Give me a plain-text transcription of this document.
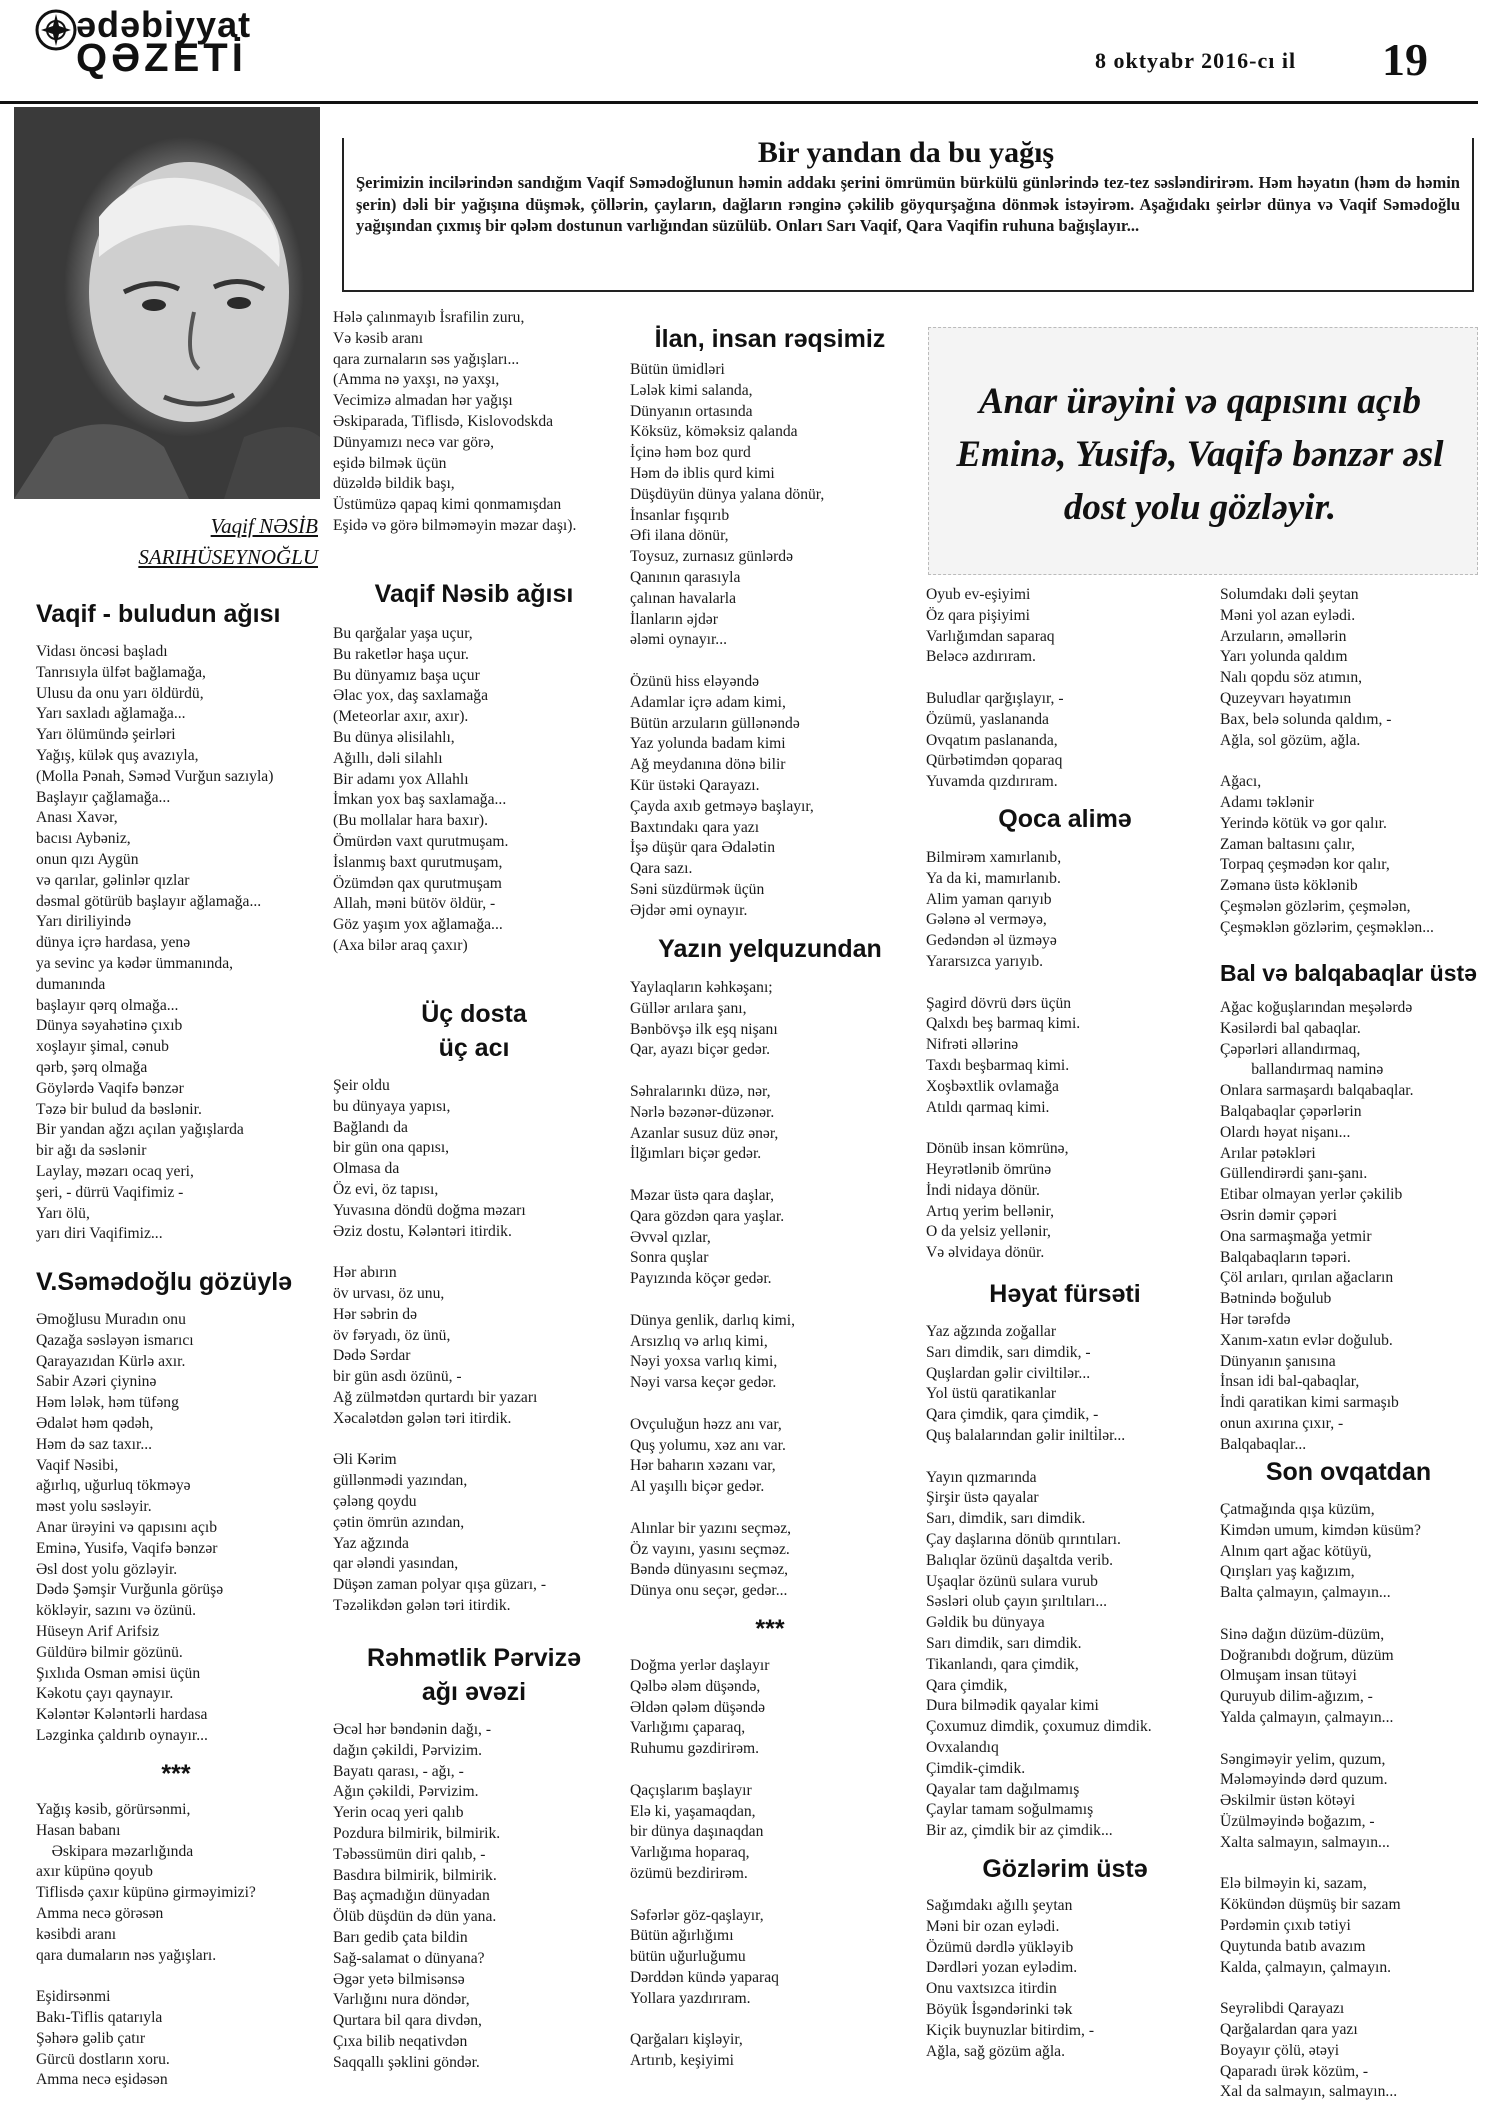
ədəbiyyat
QƏZETİ	8 oktyabr 2016-cı il 19
Vaqif NƏSİB
SARIHÜSEYNOĞLU
Bir yandan da bu yağış
Şerimizin incilərindən sandığım Vaqif Səmədoğlunun həmin addakı şerini ömrümün bürkülü günlərində tez-tez səsləndirirəm. Həm həyatın (həm də həmin şerin) dəli bir yağışına düşmək, çöllərin, çayların, dağların rənginə çəkilib göyqurşağına dönmək istəyirəm. Aşağıdakı şeirlər dünya və Vaqif Səmədoğlu yağışından çıxmış bir qələm dostunun varlığından süzülüb. Onları Sarı Vaqif, Qara Vaqifin ruhuna bağışlayır...
Anar ürəyini və qapısını açıb Eminə, Yusifə, Vaqifə bənzər əsl dost yolu gözləyir.
Vaqif - buludun ağısı
Vidası öncəsi başladı
Tanrısıyla ülfət bağlamağa,
Ulusu da onu yarı öldürdü,
Yarı saxladı ağlamağa...
Yarı ölümündə şeirləri
Yağış, külək quş avazıyla,
(Molla Pənah, Səməd Vurğun sazıyla)
Başlayır çağlamağa...
Anası Xavər,
bacısı Aybəniz,
onun qızı Aygün
və qarılar, gəlinlər qızlar
dəsmal götürüb başlayır ağlamağa...
Yarı diriliyində
dünya içrə hardasa, yenə
ya sevinc ya kədər ümmanında,
dumanında
başlayır qərq olmağa...
Dünya səyahətinə çıxıb
xoşlayır şimal, cənub
qərb, şərq olmağa
Göylərdə Vaqifə bənzər
Təzə bir bulud da bəslənir.
Bir yandan ağzı açılan yağışlarda
bir ağı da səslənir
Laylay, məzarı ocaq yeri,
şeri, - dürrü Vaqifimiz -
Yarı ölü,
yarı diri Vaqifimiz...
V.Səmədoğlu gözüylə
Əmoğlusu Muradın onu
Qazağa səsləyən ismarıcı
Qarayazıdan Kürlə axır.
Sabir Azəri çiyninə
Həm lələk, həm tüfəng
Ədalət həm qədəh,
Həm də saz taxır...
Vaqif Nəsibi,
ağırlıq, uğurluq tökməyə
məst yolu səsləyir.
Anar ürəyini və qapısını açıb
Eminə, Yusifə, Vaqifə bənzər
Əsl dost yolu gözləyir.
Dədə Şəmşir Vurğunla görüşə
kökləyir, sazını və özünü.
Hüseyn Arif Arifsiz
Güldürə bilmir gözünü.
Şıxlıda Osman əmisi üçün
Kəkotu çayı qaynayır.
Kələntər Kələntərli hardasa
Ləzginka çaldırıb oynayır...
***
Yağış kəsib, görürsənmi,
Hasan babanı
Əskipara məzarlığında
axır küpünə qoyub
Tiflisdə çaxır küpünə girməyimizi?
Amma necə görəsən
kəsibdi aranı
qara dumaların nəs yağışları.

Eşidirsənmi
Bakı-Tiflis qatarıyla
Şəhərə gəlib çatır
Gürcü dostların xoru.
Amma necə eşidəsən
Hələ çalınmayıb İsrafilin zuru,
Və kəsib aranı
qara zurnaların səs yağışları...
(Amma nə yaxşı, nə yaxşı,
Vecimizə almadan hər yağışı
Əskiparada, Tiflisdə, Kislovodskda
Dünyamızı necə var görə,
eşidə bilmək üçün
düzəldə bildik başı,
Üstümüzə qapaq kimi qonmamışdan
Eşidə və görə bilməməyin məzar daşı).
Vaqif Nəsib ağısı
Bu qarğalar yaşa uçur,
Bu raketlər haşa uçur.
Bu dünyamız başa uçur
Əlac yox, daş saxlamağa
(Meteorlar axır, axır).
Bu dünya əlisilahlı,
Ağıllı, dəli silahlı
Bir adamı yox Allahlı
İmkan yox baş saxlamağa...
(Bu mollalar hara baxır).
Ömürdən vaxt qurutmuşam.
İslanmış baxt qurutmuşam,
Özümdən qax qurutmuşam
Allah, məni bütöv öldür, -
Göz yaşım yox ağlamağa...
(Axa bilər araq çaxır)
Üç dosta
üç acı
Şeir oldu
bu dünyaya yapısı,
Bağlandı da
bir gün ona qapısı,
Olmasa da
Öz evi, öz tapısı,
Yuvasına döndü doğma məzarı
Əziz dostu, Kələntəri itirdik.

Hər abırın
öv urvası, öz unu,
Hər səbrin də
öv fəryadı, öz ünü,
Dədə Sərdar
bir gün asdı özünü, -
Ağ zülmətdən qurtardı bir yazarı
Xəcalətdən gələn təri itirdik.

Əli Kərim
güllənmədi yazından,
çələng qoydu
çətin ömrün azından,
Yaz ağzında
qar ələndi yasından,
Düşən zaman polyar qışa güzarı, -
Təzəlikdən gələn təri itirdik.
Rəhmətlik Pərvizə
ağı əvəzi
Əcəl hər bəndənin dağı, -
dağın çəkildi, Pərvizim.
Bayatı qarası, - ağı, -
Ağın çəkildi, Pərvizim.
Yerin ocaq yeri qalıb
Pozdura bilmirik, bilmirik.
Təbəssümün diri qalıb, -
Basdıra bilmirik, bilmirik.
Baş açmadığın dünyadan
Ölüb düşdün də dün yana.
Barı gedib çata bildin
Sağ-salamat o dünyana?
Əgər yetə bilmisənsə
Varlığını nura döndər,
Qurtara bil qara divdən,
Çıxa bilib neqativdən
Saqqallı şəklini göndər.
İlan, insan rəqsimiz
Bütün ümidləri
Lələk kimi salanda,
Dünyanın ortasında
Köksüz, köməksiz qalanda
İçinə həm boz qurd
Həm də iblis qurd kimi
Düşdüyün dünya yalana dönür,
İnsanlar fışqırıb
Əfi ilana dönür,
Toysuz, zurnasız günlərdə
Qanının qarasıyla
çalınan havalarla
İlanların əjdər
ələmi oynayır...

Özünü hiss eləyəndə
Adamlar içrə adam kimi,
Bütün arzuların güllənəndə
Yaz yolunda badam kimi
Ağ meydanına dönə bilir
Kür üstəki Qarayazı.
Çayda axıb getməyə başlayır,
Baxtındakı qara yazı
İşə düşür qara Ədalətin
Qara sazı.
Səni süzdürmək üçün
Əjdər əmi oynayır.
Yazın yelquzundan
Yaylaqların kəhkəşanı;
Güllər arılara şanı,
Bənbövşə ilk eşq nişanı
Qar, ayazı biçər gedər.

Səhralarınkı düzə, nər,
Nərlə bəzənər-düzənər.
Azanlar susuz düz ənər,
İlğımları biçər gedər.

Məzar üstə qara daşlar,
Qara gözdən qara yaşlar.
Əvvəl qızlar,
Sonra quşlar
Payızında köçər gedər.

Dünya genlik, darlıq kimi,
Arsızlıq və arlıq kimi,
Nəyi yoxsa varlıq kimi,
Nəyi varsa keçər gedər.

Ovçuluğun həzz anı var,
Quş yolumu, xəz anı var.
Hər baharın xəzanı var,
Al yaşıllı biçər gedər.

Alınlar bir yazını seçməz,
Öz vayını, yasını seçməz.
Bəndə dünyasını seçməz,
Dünya onu seçər, gedər...
***
Doğma yerlər daşlayır
Qəlbə ələm düşəndə,
Əldən qələm düşəndə
Varlığımı çaparaq,
Ruhumu gəzdirirəm.

Qaçışlarım başlayır
Elə ki, yaşamaqdan,
bir dünya daşınaqdan
Varlığıma hoparaq,
özümü bezdirirəm.

Səfərlər göz-qaşlayır,
Bütün ağırlığımı
bütün uğurluğumu
Dərddən kündə yaparaq
Yollara yazdırıram.

Qarğaları kişləyir,
Artırıb, keşiyimi
Oyub ev-eşiyimi
Öz qara pişiyimi
Varlığımdan saparaq
Beləcə azdırıram.

Buludlar qarğışlayır, -
Özümü, yaslananda
Ovqatım paslananda,
Qürbətimdən qoparaq
Yuvamda qızdırıram.
Qoca alimə
Bilmirəm xamırlanıb,
Ya da ki, mamırlanıb.
Alim yaman qarıyıb
Gələnə əl verməyə,
Gedəndən əl üzməyə
Yararsızca yarıyıb.

Şagird dövrü dərs üçün
Qalxdı beş barmaq kimi.
Nifrəti əllərinə
Taxdı beşbarmaq kimi.
Xoşbəxtlik ovlamağa
Atıldı qarmaq kimi.

Dönüb insan kömrünə,
Heyrətlənib ömrünə
İndi nidaya dönür.
Artıq yerim bellənir,
O da yelsiz yellənir,
Və əlvidaya dönür.
Həyat fürsəti
Yaz ağzında zoğallar
Sarı dimdik, sarı dimdik, -
Quşlardan gəlir civiltilər...
Yol üstü qaratikanlar
Qara çimdik, qara çimdik, -
Quş balalarından gəlir inilti̇lər...

Yayın qızmarında
Şirşir üstə qayalar
Sarı, dimdik, sarı dimdik.
Çay daşlarına dönüb qırıntıları.
Balıqlar özünü daşaltda verib.
Uşaqlar özünü sulara vurub
Səsləri olub çayın şırıltıları...
Gəldik bu dünyaya
Sarı dimdik, sarı dimdik.
Tikanlandı, qara çimdik,
Qara çimdik,
Dura bilmədik qayalar kimi
Çoxumuz dimdik, çoxumuz dimdik.
Ovxalandıq
Çimdik-çimdik.
Qayalar tam dağılmamış
Çaylar tamam soğulmamış
Bir az, çimdik bir az çimdik...
Gözlərim üstə
Sağımdakı ağıllı şeytan
Məni bir ozan eylədi.
Özümü dərdlə yükləyib
Dərdləri yozan eylədim.
Onu vaxtsızca itirdin
Böyük İsgəndərinki tək
Kiçik buynuzlar bitirdim, -
Ağla, sağ gözüm ağla.
Solumdakı dəli şeytan
Məni yol azan eylədi.
Arzuların, əməllərin
Yarı yolunda qaldım
Nalı qopdu söz atımın,
Quzeyvarı həyatımın
Bax, belə solunda qaldım, -
Ağla, sol gözüm, ağla.

Ağacı,
Adamı təklənir
Yerində kötük və gor qalır.
Zaman baltasını çalır,
Torpaq çeşmədən kor qalır,
Zəmanə üstə köklənib
Çeşmələn gözlərim, çeşmələn,
Çeşməklən gözlərim, çeşməklən...
Bal və balqabaqlar üstə
Ağac koğuşlarından meşələrdə
Kəsilərdi bal qabaqlar.
Çəpərləri allandırmaq,
ballandırmaq naminə
Onlara sarmaşardı balqabaqlar.
Balqabaqlar çəpərlərin
Olardı həyat nişanı...
Arılar pətəkləri
Güllendirərdi şanı-şanı.
Etibar olmayan yerlər çəkilib
Əsrin dəmir çəpəri
Ona sarmaşmağa yetmir
Balqabaqların təpəri.
Çöl arıları, qırılan ağacların
Bətnində boğulub
Hər tərəfdə
Xanım-xatın evlər doğulub.
Dünyanın şanısına
İnsan idi bal-qabaqlar,
İndi qaratikan kimi sarmaşıb
onun axırına çıxır, -
Balqabaqlar...
Son ovqatdan
Çatmağında qışa küzüm,
Kimdən umum, kimdən küsüm?
Alnım qart ağac kötüyü,
Qırışları yaş kağızım,
Balta çalmayın, çalmayın...

Sinə dağın düzüm-düzüm,
Doğranıbdı doğrum, düzüm
Olmuşam insan tütəyi
Quruyub dilim-ağızım, -
Yalda çalmayın, çalmayın...

Səngiməyir yelim, quzum,
Mələməyində dərd quzum.
Əskilmir üstən kötəyi
Üzülməyində boğazım, -
Xalta salmayın, salmayın...

Elə bilməyin ki, sazam,
Kökündən düşmüş bir sazam
Pərdəmin çıxıb tətiyi
Quytunda batıb avazım
Kalda, çalmayın, çalmayın.

Seyrəlibdi Qarayazı
Qarğalardan qara yazı
Boyayır çölü, ətəyi
Qaparadı ürək közüm, -
Xal da salmayın, salmayın...
